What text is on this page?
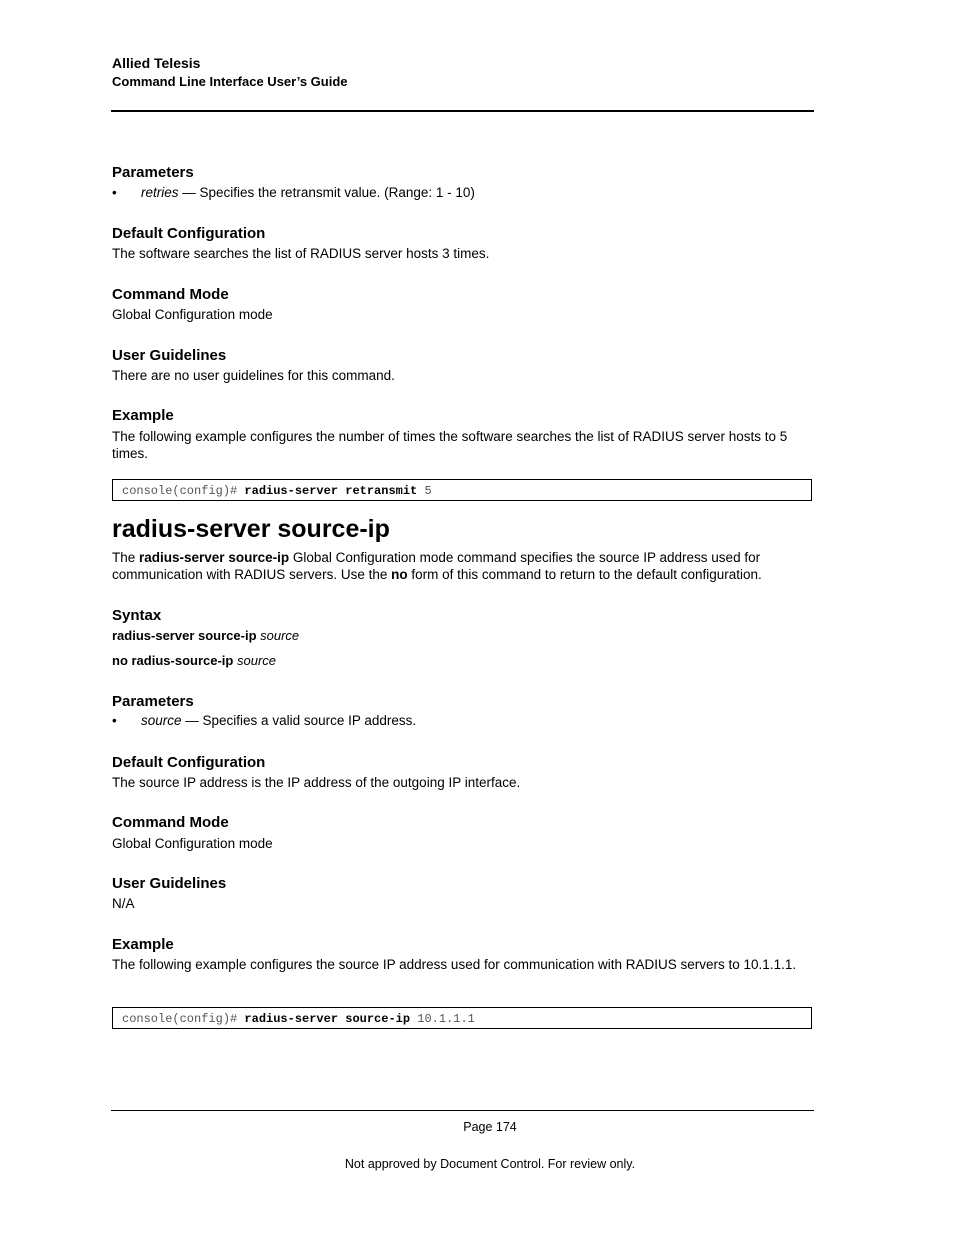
Allied Telesis
Command Line Interface User’s Guide
Parameters
• retries — Specifies the retransmit value. (Range: 1 - 10)
Default Configuration
The software searches the list of RADIUS server hosts 3 times.
Command Mode
Global Configuration mode
User Guidelines
There are no user guidelines for this command.
Example
The following example configures the number of times the software searches the list of RADIUS server hosts to 5 times.
console(config)# radius-server retransmit 5
radius-server source-ip
The radius-server source-ip Global Configuration mode command specifies the source IP address used for communication with RADIUS servers. Use the no form of this command to return to the default configuration.
Syntax
radius-server source-ip source
no radius-source-ip source
Parameters
• source — Specifies a valid source IP address.
Default Configuration
The source IP address is the IP address of the outgoing IP interface.
Command Mode
Global Configuration mode
User Guidelines
N/A
Example
The following example configures the source IP address used for communication with RADIUS servers to 10.1.1.1.
console(config)# radius-server source-ip 10.1.1.1
Page 174
Not approved by Document Control. For review only.
